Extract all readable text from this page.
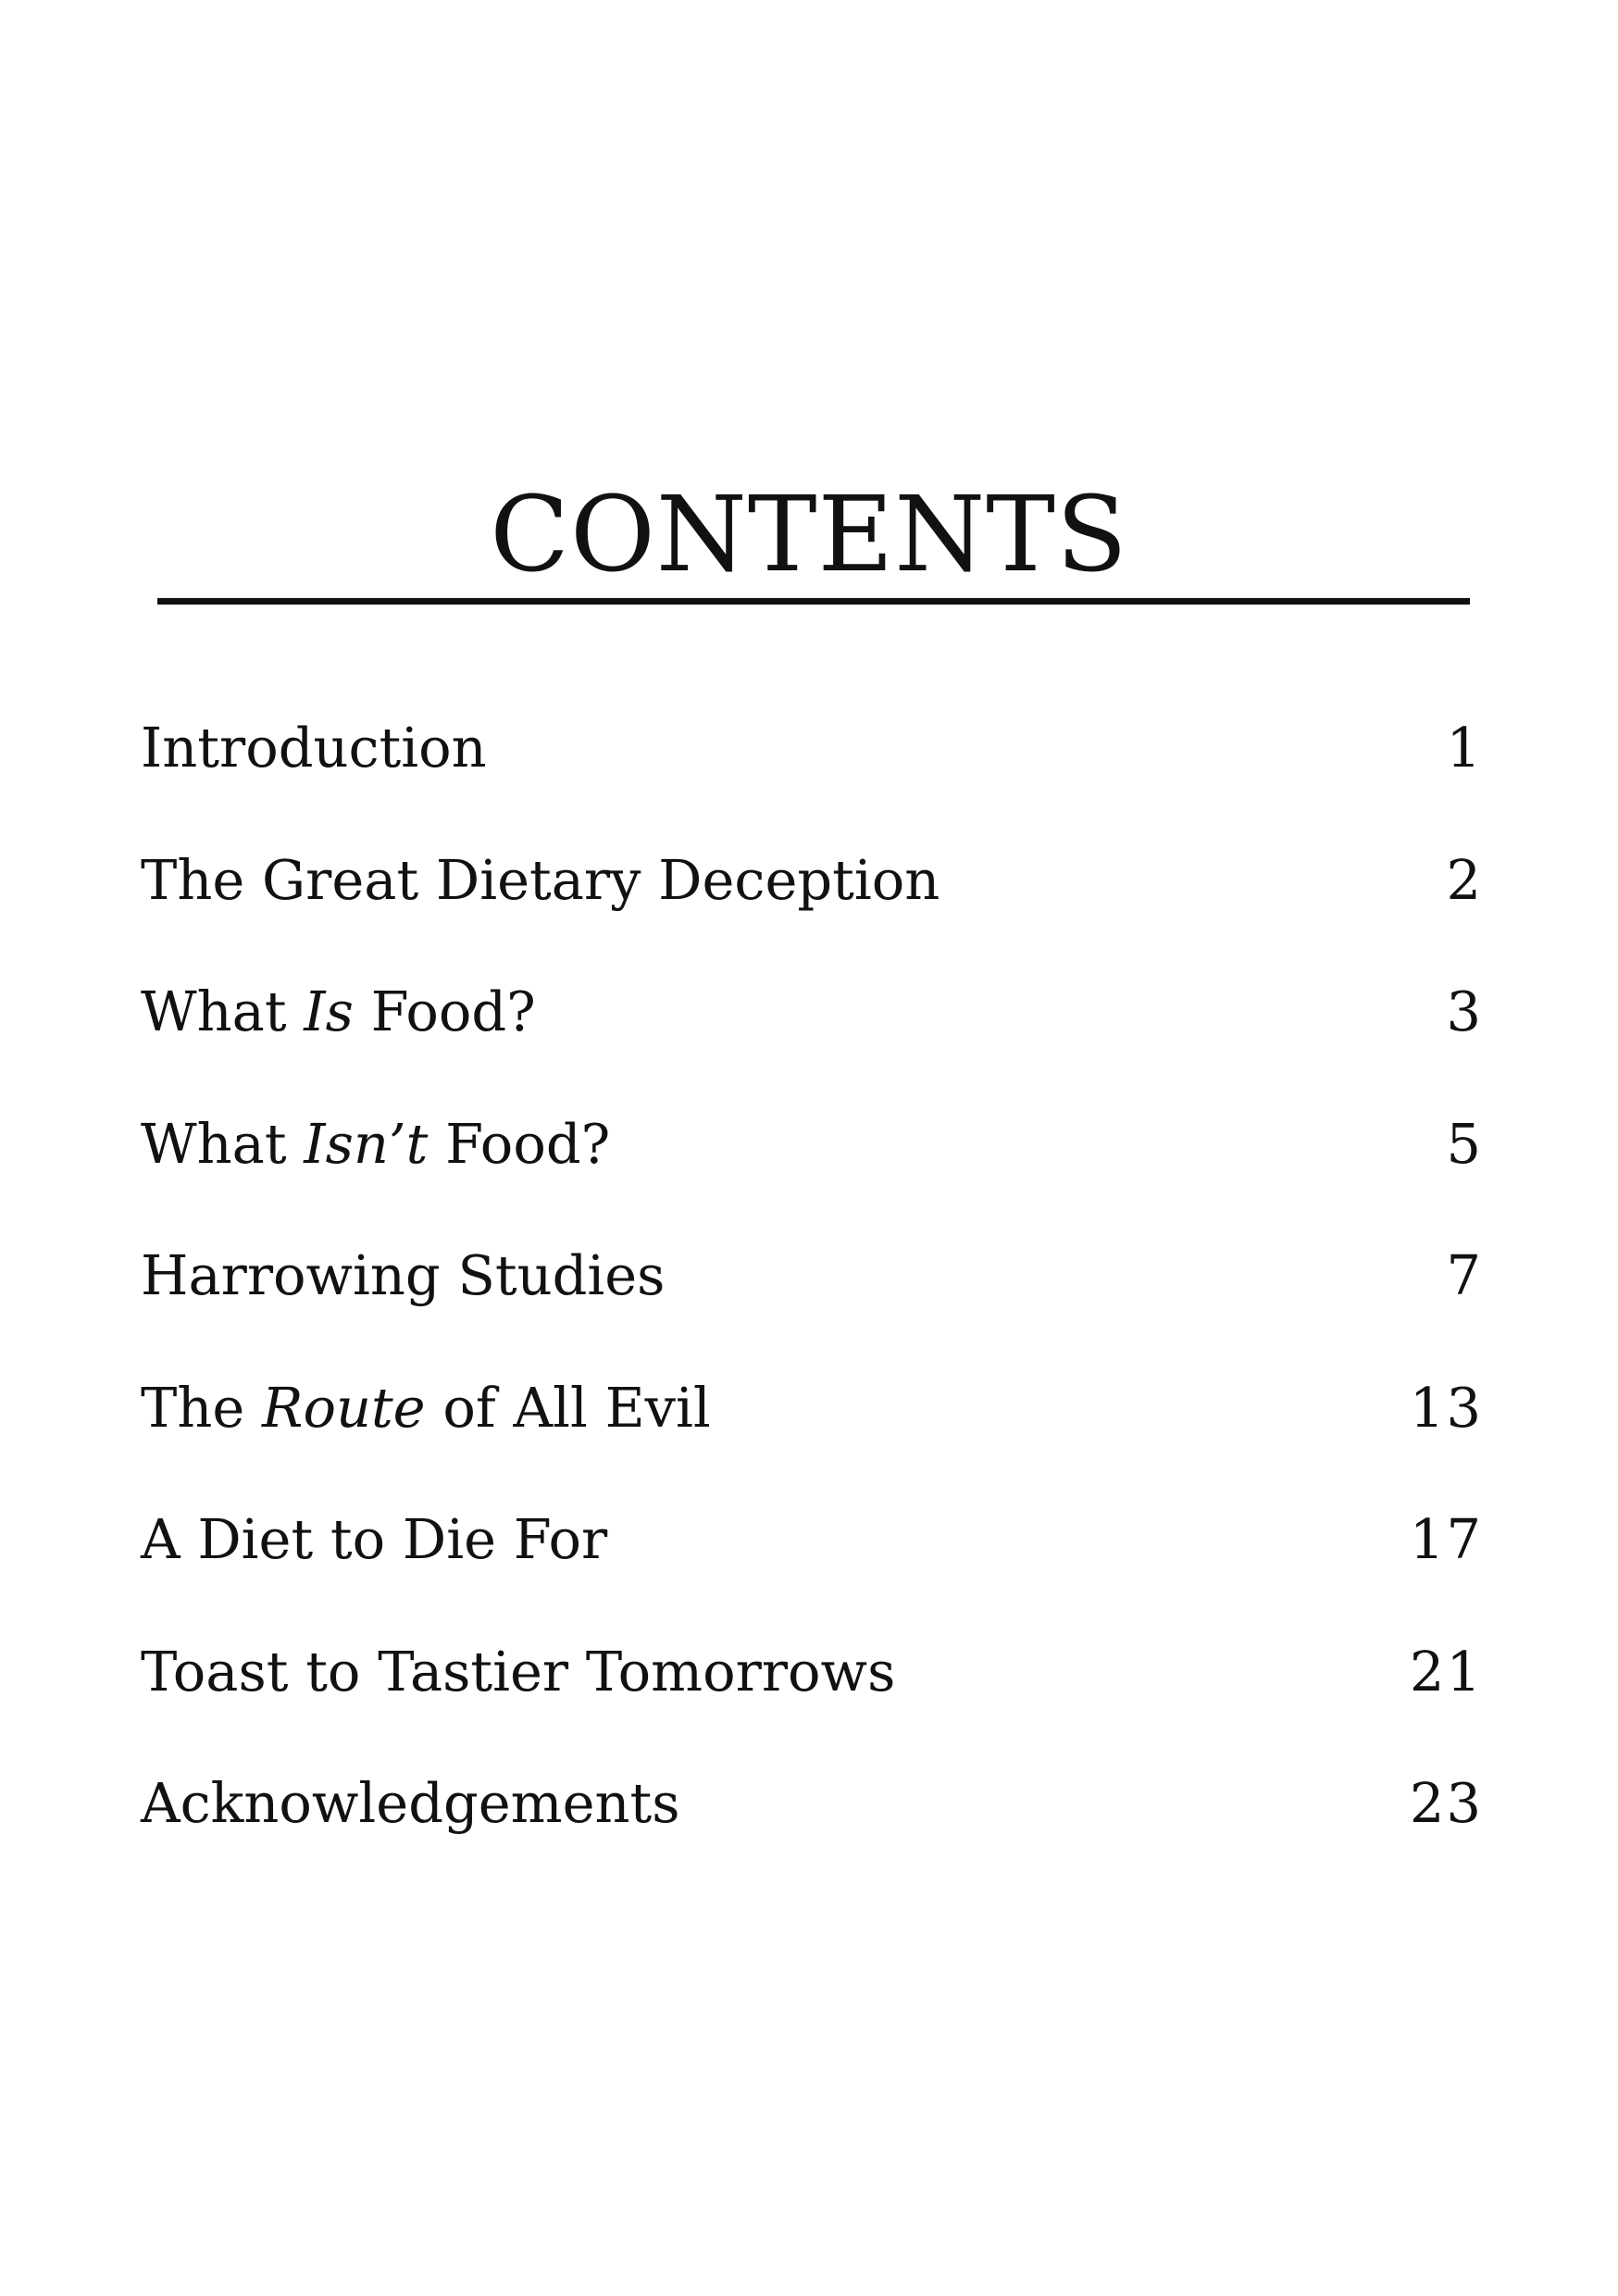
CONTENTS
Introduction	1
The Great Dietary Deception	2
What Is Food?	3
What Isn’t Food?	5
Harrowing Studies	7
The Route of All Evil	13
A Diet to Die For	17
Toast to Tastier Tomorrows	21
Acknowledgements	23
